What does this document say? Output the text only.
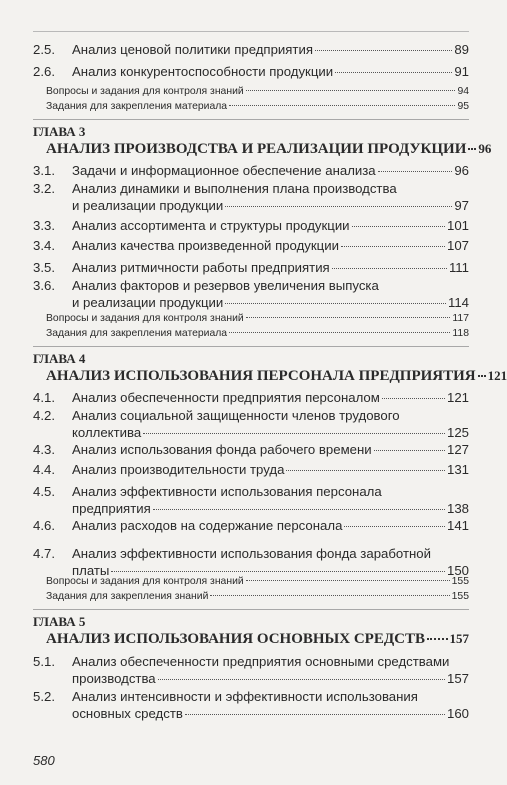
2.5. Анализ ценовой политики предприятия	89
2.6. Анализ конкурентоспособности продукции	91
Вопросы и задания для контроля знаний	94
Задания для закрепления материала	95
ГЛАВА 3
АНАЛИЗ ПРОИЗВОДСТВА И РЕАЛИЗАЦИИ ПРОДУКЦИИ 96
3.1. Задачи и информационное обеспечение анализа	96
3.2. Анализ динамики и выполнения плана производства
и реализации продукции	97
3.3. Анализ ассортимента и структуры продукции	101
3.4. Анализ качества произведенной продукции	107
3.5. Анализ ритмичности работы предприятия	111
3.6. Анализ факторов и резервов увеличения выпуска
и реализации продукции	114
Вопросы и задания для контроля знаний	117
Задания для закрепления материала	118
ГЛАВА 4
АНАЛИЗ ИСПОЛЬЗОВАНИЯ ПЕРСОНАЛА ПРЕДПРИЯТИЯ 121
4.1. Анализ обеспеченности предприятия персоналом	121
4.2. Анализ социальной защищенности членов трудового
коллектива	125
4.3. Анализ использования фонда рабочего времени	127
4.4. Анализ производительности труда	131
4.5. Анализ эффективности использования персонала
предприятия	138
4.6. Анализ расходов на содержание персонала	141
4.7. Анализ эффективности использования фонда заработной
платы	150
Вопросы и задания для контроля знаний	155
Задания для закрепления знаний	155
ГЛАВА 5
АНАЛИЗ ИСПОЛЬЗОВАНИЯ ОСНОВНЫХ СРЕДСТВ 157
5.1. Анализ обеспеченности предприятия основными средствами
производства	157
5.2. Анализ интенсивности и эффективности использования
основных средств	160
580
